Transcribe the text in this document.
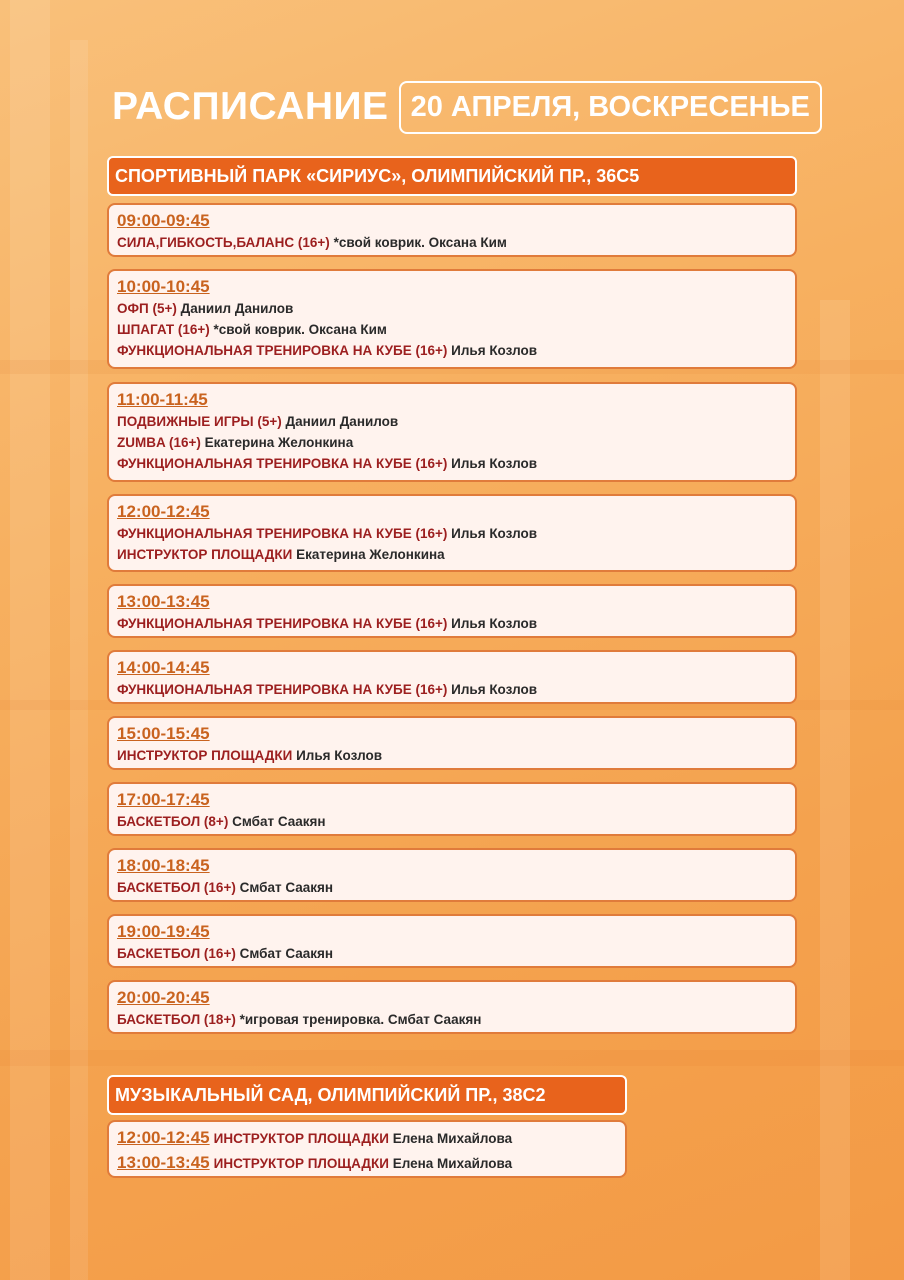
РАСПИСАНИЕ 20 АПРЕЛЯ, ВОСКРЕСЕНЬЕ
СПОРТИВНЫЙ ПАРК «СИРИУС», ОЛИМПИЙСКИЙ ПР., 36С5
09:00-09:45
СИЛА,ГИБКОСТЬ,БАЛАНС (16+) *свой коврик. Оксана Ким
10:00-10:45
ОФП (5+) Даниил Данилов
ШПАГАТ (16+) *свой коврик. Оксана Ким
ФУНКЦИОНАЛЬНАЯ ТРЕНИРОВКА НА КУБЕ (16+) Илья Козлов
11:00-11:45
ПОДВИЖНЫЕ ИГРЫ (5+) Даниил Данилов
ZUMBA (16+) Екатерина Желонкина
ФУНКЦИОНАЛЬНАЯ ТРЕНИРОВКА НА КУБЕ (16+) Илья Козлов
12:00-12:45
ФУНКЦИОНАЛЬНАЯ ТРЕНИРОВКА НА КУБЕ (16+) Илья Козлов
ИНСТРУКТОР ПЛОЩАДКИ Екатерина Желонкина
13:00-13:45
ФУНКЦИОНАЛЬНАЯ ТРЕНИРОВКА НА КУБЕ (16+) Илья Козлов
14:00-14:45
ФУНКЦИОНАЛЬНАЯ ТРЕНИРОВКА НА КУБЕ (16+) Илья Козлов
15:00-15:45
ИНСТРУКТОР ПЛОЩАДКИ Илья Козлов
17:00-17:45
БАСКЕТБОЛ (8+) Смбат Саакян
18:00-18:45
БАСКЕТБОЛ (16+) Смбат Саакян
19:00-19:45
БАСКЕТБОЛ (16+) Смбат Саакян
20:00-20:45
БАСКЕТБОЛ (18+) *игровая тренировка. Смбат Саакян
МУЗЫКАЛЬНЫЙ САД, ОЛИМПИЙСКИЙ ПР., 38С2
12:00-12:45 ИНСТРУКТОР ПЛОЩАДКИ Елена Михайлова
13:00-13:45 ИНСТРУКТОР ПЛОЩАДКИ Елена Михайлова
